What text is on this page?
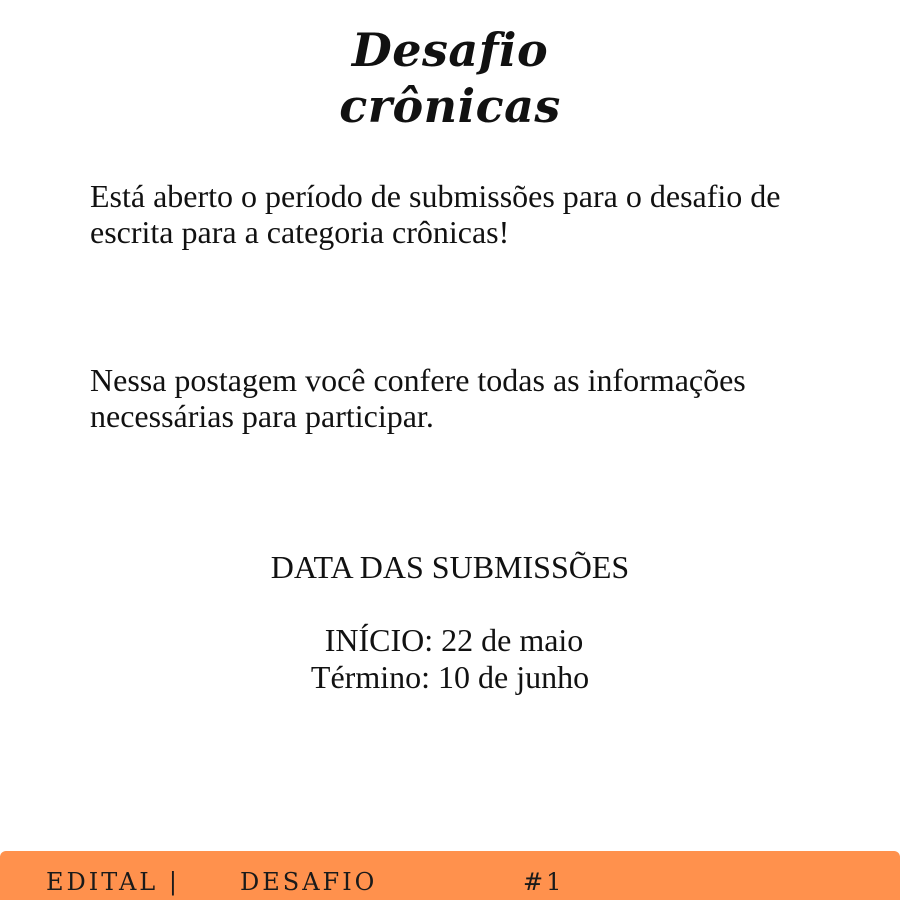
Desafio
crônicas
Está aberto o período de submissões para o desafio de escrita para a categoria crônicas!
Nessa postagem você confere todas as informações necessárias para participar.
DATA DAS SUBMISSÕES
INÍCIO: 22 de maio
Término: 10 de junho
EDITAL |	DESAFIO	#1
